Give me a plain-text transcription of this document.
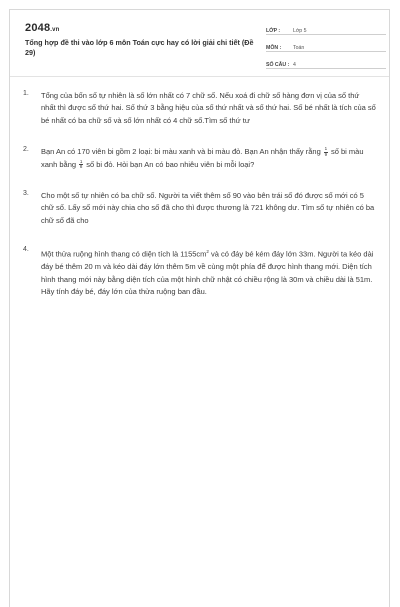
2048.vn
Tổng hợp đề thi vào lớp 6 môn Toán cực hay có lời giải chi tiết (Đề 29)
LỚP :	Lớp 5
MÔN :	Toán
SỐ CÂU : 4
1. Tổng của bốn số tự nhiên là số lớn nhất có 7 chữ số. Nếu xoá đi chữ số hàng đơn vị của số thứ nhất thì được số thứ hai. Số thứ 3 bằng hiệu của số thứ nhất và số thứ hai. Số bé nhất là tích của số bé nhất có ba chữ số và số lớn nhất có 4 chữ số.Tìm số thứ tư
2. Bạn An có 170 viên bi gồm 2 loại: bi màu xanh và bi màu đỏ. Bạn An nhận thấy rằng $\frac{1}{9}$ số bi màu xanh bằng $\frac{1}{8}$ số bi đỏ. Hỏi bạn An có bao nhiêu viên bi mỗi loại?
3. Cho một số tự nhiên có ba chữ số. Người ta viết thêm số 90 vào bên trái số đó được số mới có 5 chữ số. Lấy số mới này chia cho số đã cho thì được thương là 721 không dư. Tìm số tự nhiên có ba chữ số đã cho
4. Một thửa ruộng hình thang có diện tích là $1155cm^2$ và có đáy bé kém đáy lớn 33m. Người ta kéo dài đáy bé thêm 20 m và kéo dài đáy lớn thêm 5m về cùng một phía để được hình thang mới. Diện tích hình thang mới này bằng diện tích của một hình chữ nhật có chiều rộng là 30m và chiều dài là 51m. Hãy tính đáy bé, đáy lớn của thửa ruộng ban đầu.
